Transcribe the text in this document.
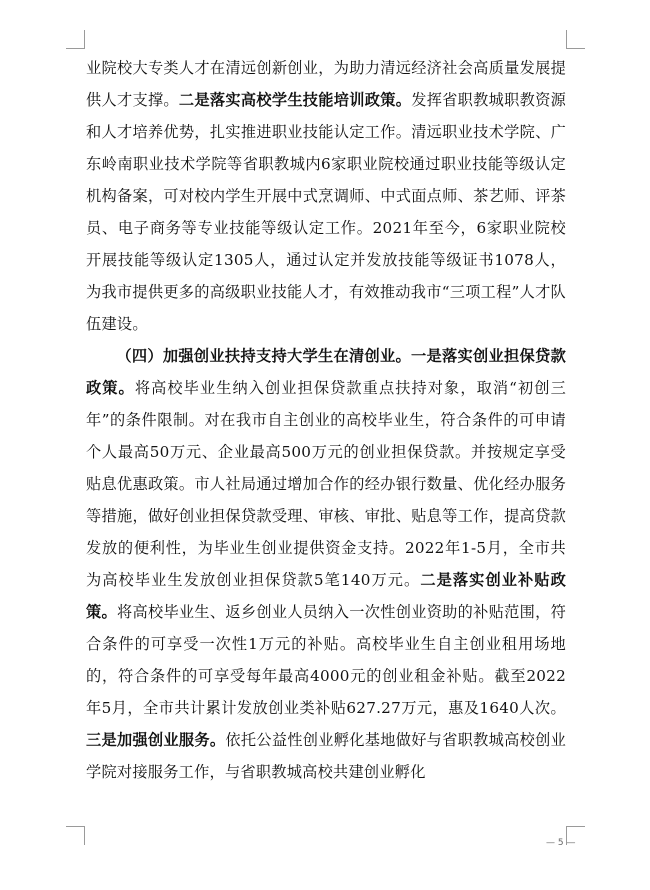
业院校大专类人才在清远创新创业，为助力清远经济社会高质量发展提供人才支撑。二是落实高校学生技能培训政策。发挥省职教城职教资源和人才培养优势，扎实推进职业技能认定工作。清远职业技术学院、广东岭南职业技术学院等省职教城内6家职业院校通过职业技能等级认定机构备案，可对校内学生开展中式烹调师、中式面点师、茶艺师、评茶员、电子商务等专业技能等级认定工作。2021年至今，6家职业院校开展技能等级认定1305人，通过认定并发放技能等级证书1078人，为我市提供更多的高级职业技能人才，有效推动我市“三项工程”人才队伍建设。

（四）加强创业扶持支持大学生在清创业。一是落实创业担保贷款政策。将高校毕业生纳入创业担保贷款重点扶持对象，取消“初创三年”的条件限制。对在我市自主创业的高校毕业生，符合条件的可申请个人最高50万元、企业最高500万元的创业担保贷款。并按规定享受贴息优惠政策。市人社局通过增加合作的经办银行数量、优化经办服务等措施，做好创业担保贷款受理、审核、审批、贴息等工作，提高贷款发放的便利性，为毕业生创业提供资金支持。2022年1-5月，全市共为高校毕业生发放创业担保贷款5笔140万元。二是落实创业补贴政策。将高校毕业生、返乡创业人员纳入一次性创业资助的补贴范围，符合条件的可享受一次性1万元的补贴。高校毕业生自主创业租用场地的，符合条件的可享受每年最高4000元的创业租金补贴。截至2022年5月，全市共计累计发放创业类补贴627.27万元，惠及1640人次。三是加强创业服务。依托公益性创业孵化基地做好与省职教城高校创业学院对接服务工作，与省职教城高校共建创业孵化

— 5 —
